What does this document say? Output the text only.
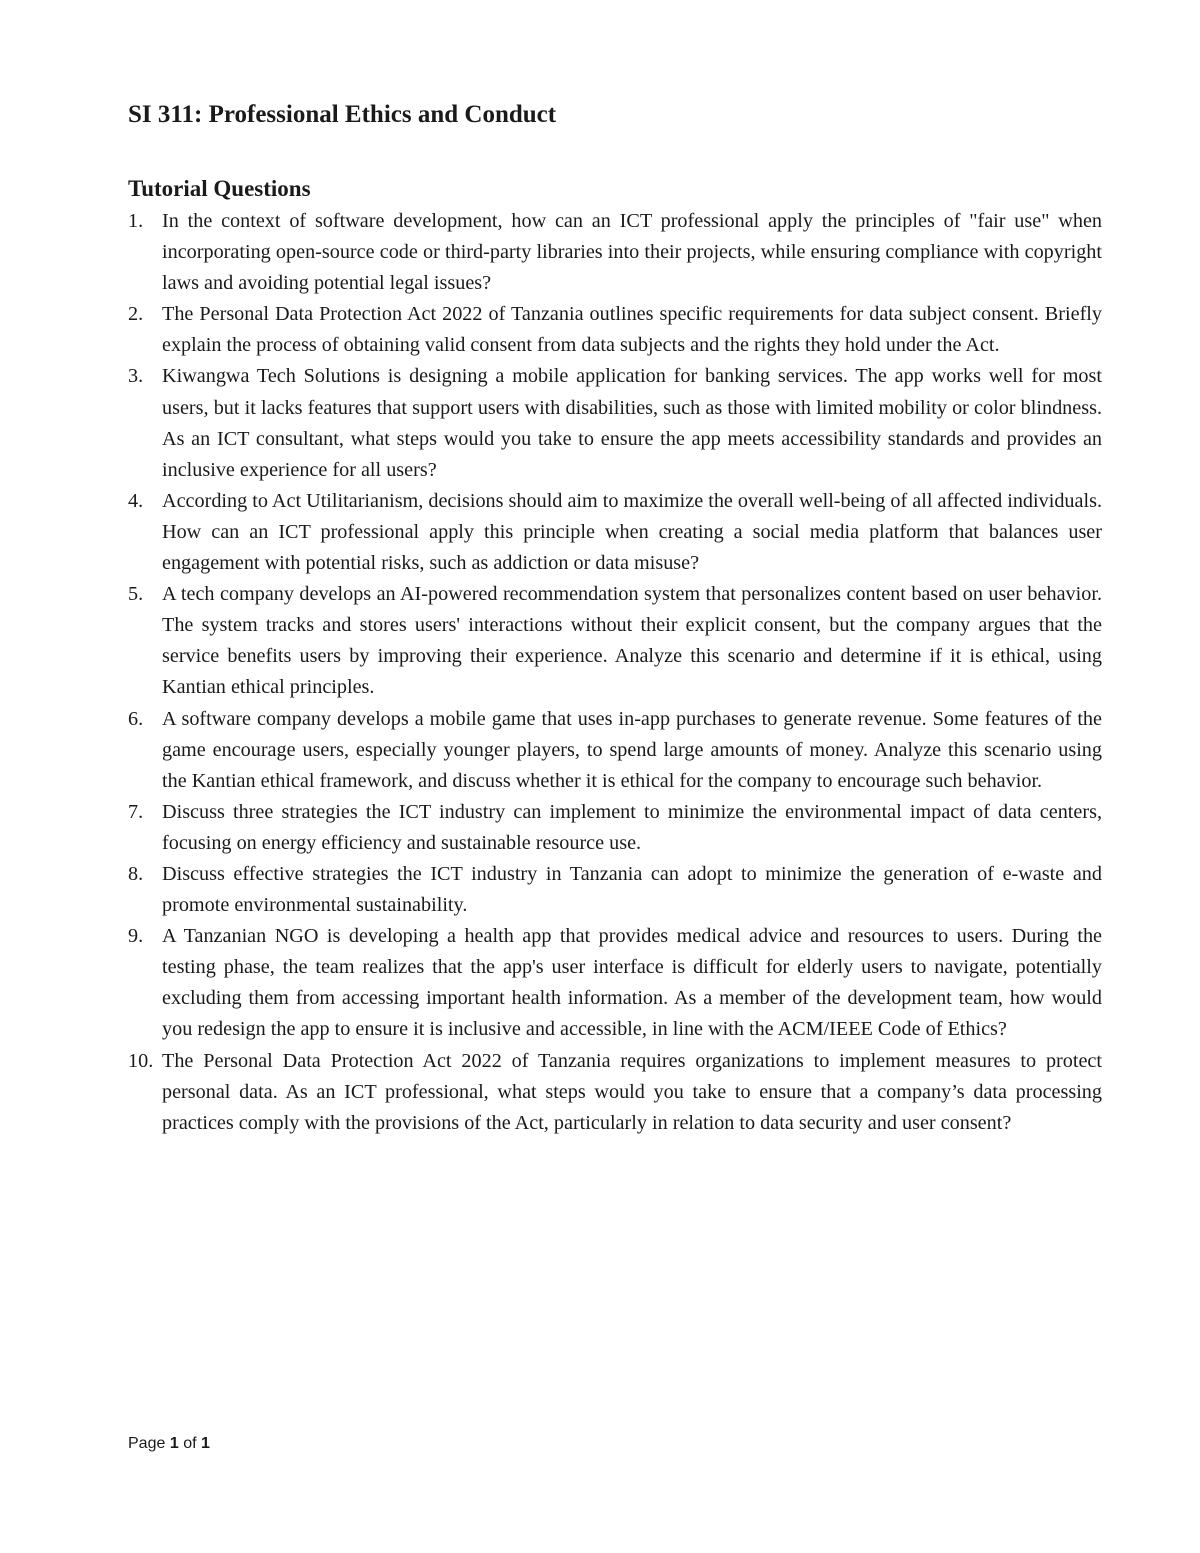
SI 311: Professional Ethics and Conduct
Tutorial Questions
1. In the context of software development, how can an ICT professional apply the principles of "fair use" when incorporating open-source code or third-party libraries into their projects, while ensuring compliance with copyright laws and avoiding potential legal issues?
2. The Personal Data Protection Act 2022 of Tanzania outlines specific requirements for data subject consent. Briefly explain the process of obtaining valid consent from data subjects and the rights they hold under the Act.
3. Kiwangwa Tech Solutions is designing a mobile application for banking services. The app works well for most users, but it lacks features that support users with disabilities, such as those with limited mobility or color blindness. As an ICT consultant, what steps would you take to ensure the app meets accessibility standards and provides an inclusive experience for all users?
4. According to Act Utilitarianism, decisions should aim to maximize the overall well-being of all affected individuals. How can an ICT professional apply this principle when creating a social media platform that balances user engagement with potential risks, such as addiction or data misuse?
5. A tech company develops an AI-powered recommendation system that personalizes content based on user behavior. The system tracks and stores users' interactions without their explicit consent, but the company argues that the service benefits users by improving their experience. Analyze this scenario and determine if it is ethical, using Kantian ethical principles.
6. A software company develops a mobile game that uses in-app purchases to generate revenue. Some features of the game encourage users, especially younger players, to spend large amounts of money. Analyze this scenario using the Kantian ethical framework, and discuss whether it is ethical for the company to encourage such behavior.
7. Discuss three strategies the ICT industry can implement to minimize the environmental impact of data centers, focusing on energy efficiency and sustainable resource use.
8. Discuss effective strategies the ICT industry in Tanzania can adopt to minimize the generation of e-waste and promote environmental sustainability.
9. A Tanzanian NGO is developing a health app that provides medical advice and resources to users. During the testing phase, the team realizes that the app's user interface is difficult for elderly users to navigate, potentially excluding them from accessing important health information. As a member of the development team, how would you redesign the app to ensure it is inclusive and accessible, in line with the ACM/IEEE Code of Ethics?
10. The Personal Data Protection Act 2022 of Tanzania requires organizations to implement measures to protect personal data. As an ICT professional, what steps would you take to ensure that a company’s data processing practices comply with the provisions of the Act, particularly in relation to data security and user consent?
Page 1 of 1
